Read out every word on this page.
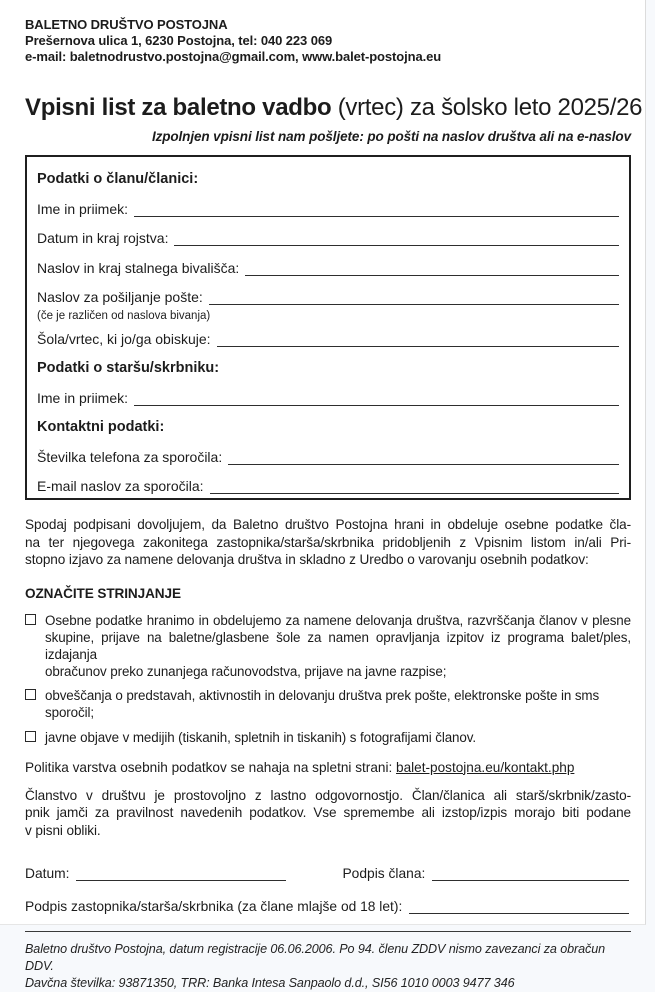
BALETNO DRUŠTVO POSTOJNA
Prešernova ulica 1, 6230 Postojna, tel: 040 223 069
e-mail: baletnodrustvo.postojna@gmail.com, www.balet-postojna.eu
Vpisni list za baletno vadbo (vrtec) za šolsko leto 2025/26
Izpolnjen vpisni list nam pošljete: po pošti na naslov društva ali na e-naslov
Podatki o članu/članici:
Ime in priimek:
Datum in kraj rojstva:
Naslov in kraj stalnega bivališča:
Naslov za pošiljanje pošte:
(če je različen od naslova bivanja)
Šola/vrtec, ki jo/ga obiskuje:
Podatki o staršu/skrbniku:
Ime in priimek:
Kontaktni podatki:
Številka telefona za sporočila:
E-mail naslov za sporočila:
Spodaj podpisani dovoljujem, da Baletno društvo Postojna hrani in obdeluje osebne podatke čla-
na ter njegovega zakonitega zastopnika/starša/skrbnika pridobljenih z Vpisnim listom in/ali Pri-
stopno izjavo za namene delovanja društva in skladno z Uredbo o varovanju osebnih podatkov:
OZNAČITE STRINJANJE
Osebne podatke hranimo in obdelujemo za namene delovanja društva, razvrščanja članov v plesne
skupine, prijave na baletne/glasbene šole za namen opravljanja izpitov iz programa balet/ples, izdajanja
obračunov preko zunanjega računovodstva, prijave na javne razpise;
obveščanja o predstavah, aktivnostih in delovanju društva prek pošte, elektronske pošte in sms sporočil;
javne objave v medijih (tiskanih, spletnih in tiskanih) s fotografijami članov.
Politika varstva osebnih podatkov se nahaja na spletni strani: balet-postojna.eu/kontakt.php
Članstvo v društvu je prostovoljno z lastno odgovornostjo. Član/članica ali starš/skrbnik/zasto-
pnik jamči za pravilnost navedenih podatkov. Vse spremembe ali izstop/izpis morajo biti podane
v pisni obliki.
Datum:	Podpis člana:
Podpis zastopnika/starša/skrbnika (za člane mlajše od 18 let):
Baletno društvo Postojna, datum registracije 06.06.2006. Po 94. členu ZDDV nismo zavezanci za obračun DDV.
Davčna številka: 93871350, TRR: Banka Intesa Sanpaolo d.d., SI56 1010 0003 9477 346
